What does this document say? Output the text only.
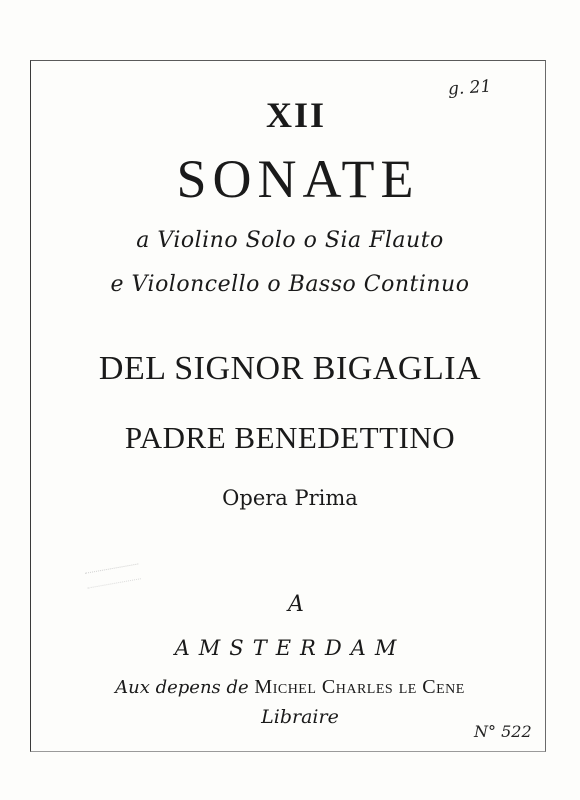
g. 21
XII
SONATE
a Violino Solo o Sia Flauto
e Violoncello o Basso Continuo
DEL SIGNOR BIGAGLIA
PADRE BENEDETTINO
Opera Prima
A
AMSTERDAM
Aux depens de Michel Charles le Cene
Libraire
N° 522
